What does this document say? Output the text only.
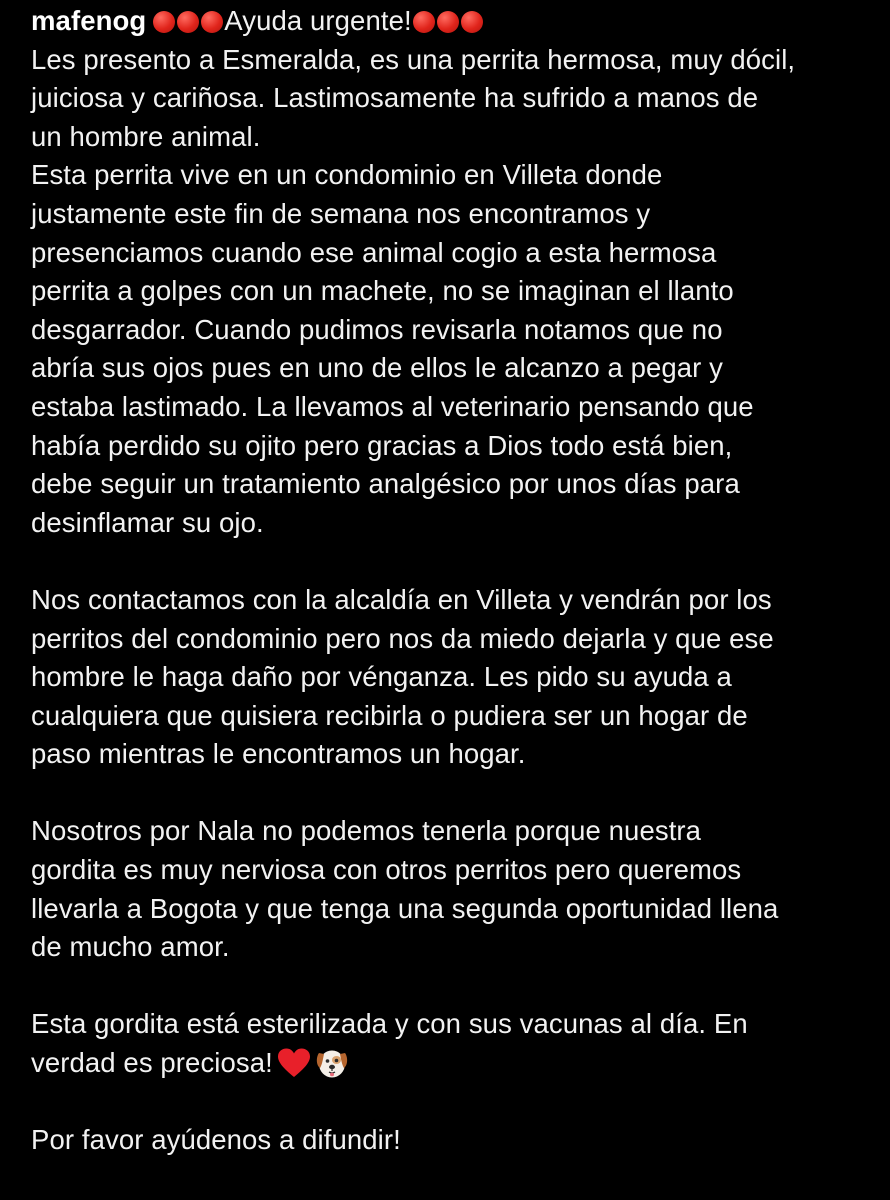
mafenog	Ayuda urgente!
Les presento a Esmeralda, es una perrita hermosa, muy dócil,
juiciosa y cariñosa. Lastimosamente ha sufrido a manos de
un hombre animal.
Esta perrita vive en un condominio en Villeta donde
justamente este fin de semana nos encontramos y
presenciamos cuando ese animal cogio a esta hermosa
perrita a golpes con un machete, no se imaginan el llanto
desgarrador. Cuando pudimos revisarla notamos que no
abría sus ojos pues en uno de ellos le alcanzo a pegar y
estaba lastimado. La llevamos al veterinario pensando que
había perdido su ojito pero gracias a Dios todo está bien,
debe seguir un tratamiento analgésico por unos días para
desinflamar su ojo.
Nos contactamos con la alcaldía en Villeta y vendrán por los
perritos del condominio pero nos da miedo dejarla y que ese
hombre le haga daño por vénganza. Les pido su ayuda a
cualquiera que quisiera recibirla o pudiera ser un hogar de
paso mientras le encontramos un hogar.
Nosotros por Nala no podemos tenerla porque nuestra
gordita es muy nerviosa con otros perritos pero queremos
llevarla a Bogota y que tenga una segunda oportunidad llena
de mucho amor.
Esta gordita está esterilizada y con sus vacunas al día. En
verdad es preciosa!
Por favor ayúdenos a difundir!
